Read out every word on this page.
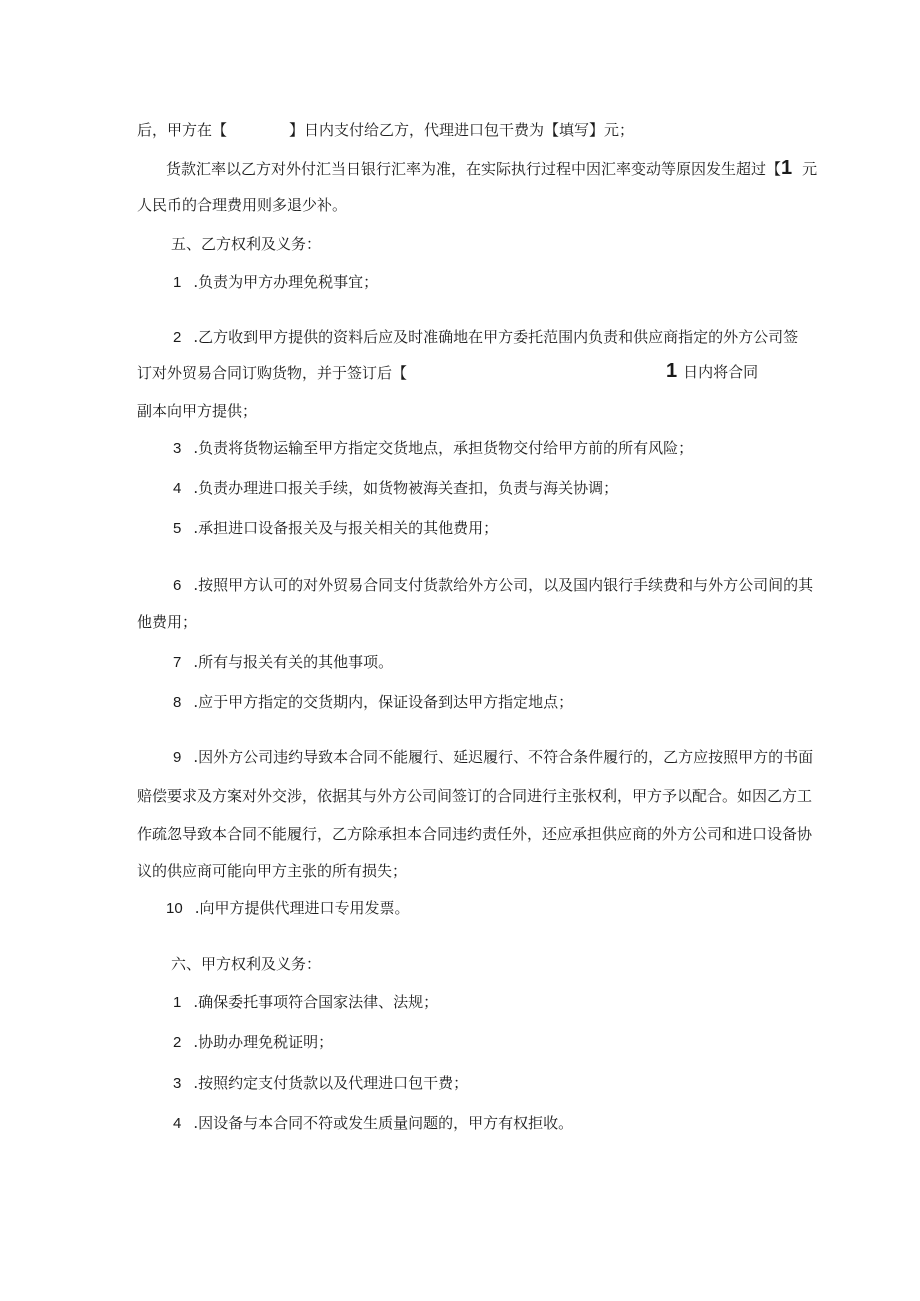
后，甲方在【	】日内支付给乙方，代理进口包干费为【填写】元；
货款汇率以乙方对外付汇当日银行汇率为准，在实际执行过程中因汇率变动等原因发生超过【1 元
人民币的合理费用则多退少补。
五、乙方权利及义务：
1 .负责为甲方办理免税事宜；
2 .乙方收到甲方提供的资料后应及时准确地在甲方委托范围内负责和供应商指定的外方公司签
订对外贸易合同订购货物，并于签订后【	1 日内将合同
副本向甲方提供；
3 .负责将货物运输至甲方指定交货地点，承担货物交付给甲方前的所有风险；
4 .负责办理进口报关手续，如货物被海关查扣，负责与海关协调；
5 .承担进口设备报关及与报关相关的其他费用；
6 .按照甲方认可的对外贸易合同支付货款给外方公司，以及国内银行手续费和与外方公司间的其
他费用；
7 .所有与报关有关的其他事项。
8 .应于甲方指定的交货期内，保证设备到达甲方指定地点；
9 .因外方公司违约导致本合同不能履行、延迟履行、不符合条件履行的，乙方应按照甲方的书面
赔偿要求及方案对外交涉，依据其与外方公司间签订的合同进行主张权利，甲方予以配合。如因乙方工
作疏忽导致本合同不能履行，乙方除承担本合同违约责任外，还应承担供应商的外方公司和进口设备协
议的供应商可能向甲方主张的所有损失；
10 .向甲方提供代理进口专用发票。
六、甲方权利及义务：
1 .确保委托事项符合国家法律、法规；
2 .协助办理免税证明；
3 .按照约定支付货款以及代理进口包干费；
4 .因设备与本合同不符或发生质量问题的，甲方有权拒收。
